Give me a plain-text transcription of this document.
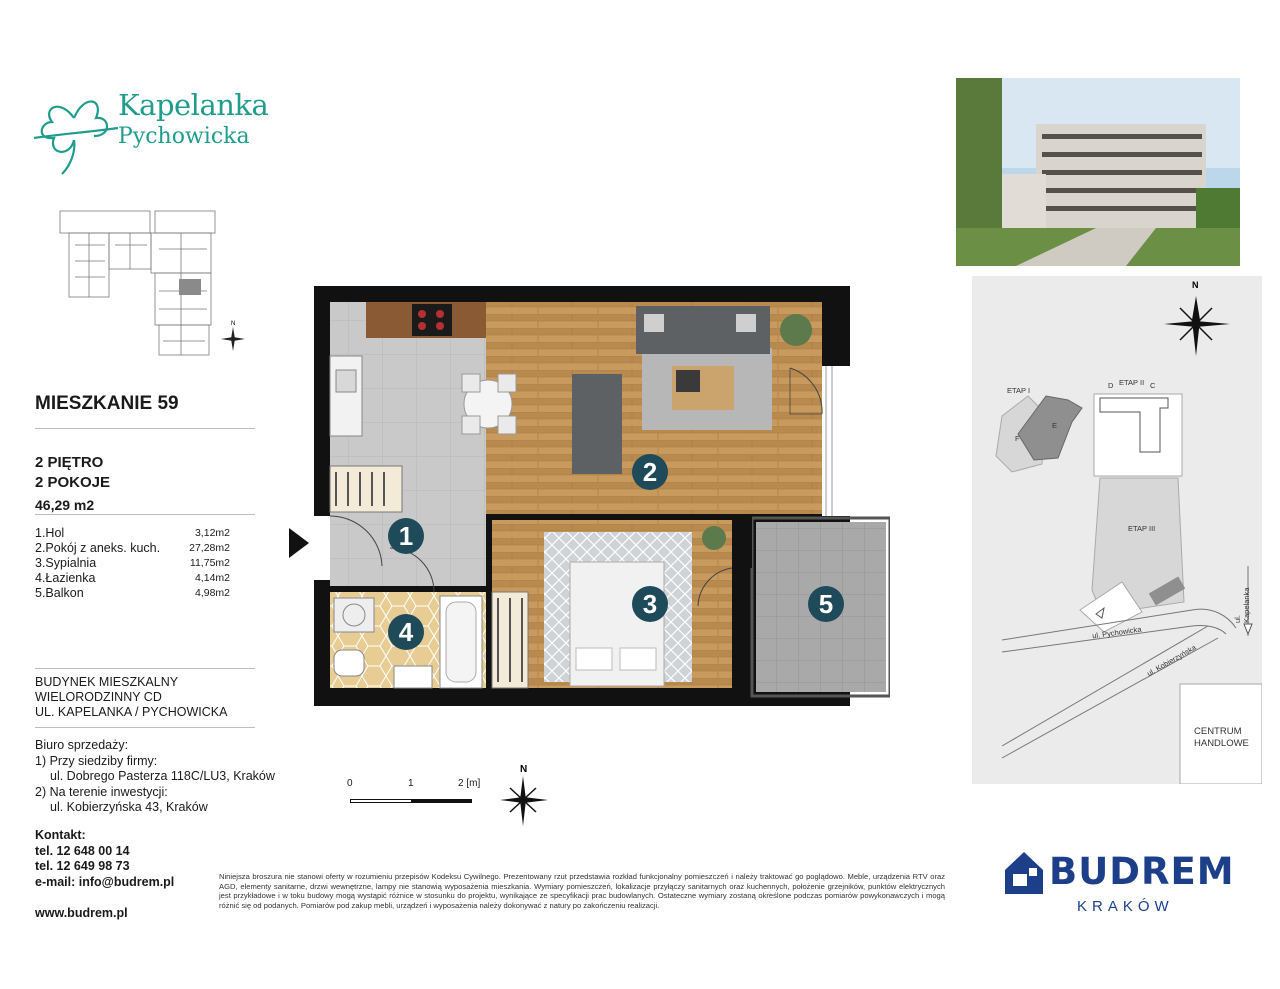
Kapelanka
Pychowicka
N
MIESZKANIE 59
2 PIĘTRO
2 POKOJE
46,29 m2
1.Hol	3,12m2
2.Pokój z aneks. kuch.	27,28m2
3.Sypialnia	11,75m2
4.Łazienka	4,14m2
5.Balkon	4,98m2
BUDYNEK MIESZKALNY
WIELORODZINNY CD
UL. KAPELANKA / PYCHOWICKA
Biuro sprzedaży:
1) Przy siedziby firmy:
ul. Dobrego Pasterza 118C/LU3, Kraków
2) Na terenie inwestycji:
ul. Kobierzyńska 43, Kraków
Kontakt:
tel. 12 648 00 14
tel. 12 649 98 73
e-mail: info@budrem.pl
www.budrem.pl
1
2
3
4
5
0	1	2 [m]
N
N
ETAP I
ETAP II
D	C
F
E
ETAP III
ul. Pychowicka
ul. Kobierzyńska
ul. Kapelanka
CENTRUM
HANDLOWE
Niniejsza broszura nie stanowi oferty w rozumieniu przepisów Kodeksu Cywilnego. Prezentowany rzut przedstawia rozkład funkcjonalny pomieszczeń i należy traktować go poglądowo. Meble, urządzenia RTV oraz AGD, elementy sanitarne, drzwi wewnętrzne, lampy nie stanowią wyposażenia mieszkania. Wymiary pomieszczeń, lokalizacje przyłączy sanitarnych oraz kuchennych, położenie grzejników, punktów elektrycznych jest przykładowe i w toku budowy mogą wystąpić różnice w stosunku do projektu, wynikające ze specyfikacji prac budowlanych. Ostateczne wymiary zostaną określone podczas pomiarów powykonawczych i mogą różnić się od podanych. Pomiarów pod zakup mebli, urządzeń i wyposażenia należy dokonywać z natury po zakończeniu realizacji.
BUDREM
KRAKÓW
